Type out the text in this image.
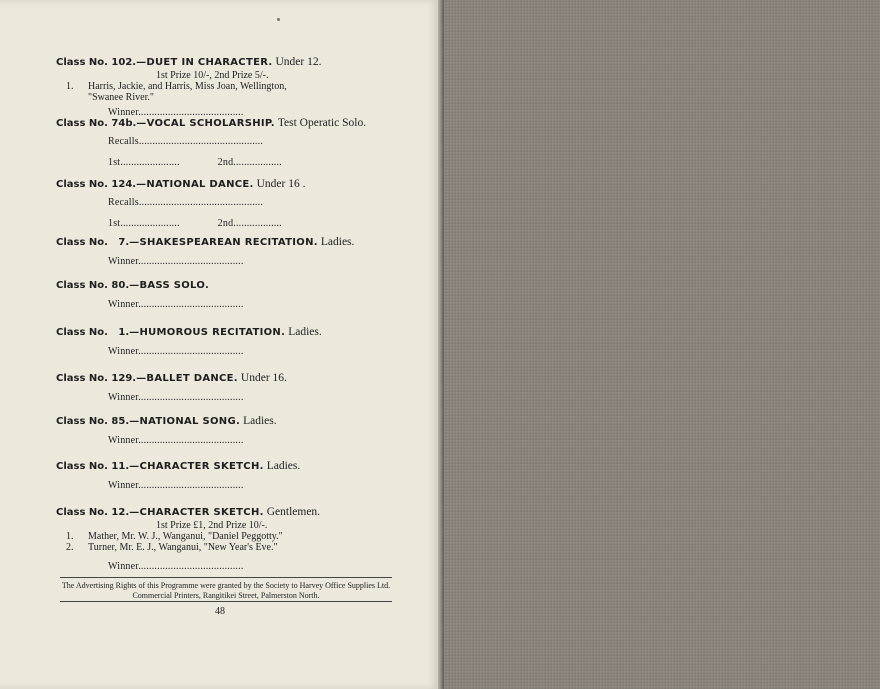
Class No. 102.—DUET IN CHARACTER. Under 12.
1st Prize 10/-, 2nd Prize 5/-.
1.	Harris, Jackie, and Harris, Miss Joan, Wellington,
"Swanee River."
Winner.......................................
Class No. 74b.—VOCAL SCHOLARSHIP. Test Operatic Solo.
Recalls..............................................
1st......................	2nd..................
Class No. 124.—NATIONAL DANCE. Under 16 .
Recalls..............................................
1st......................	2nd..................
Class No.   7.—SHAKESPEAREAN RECITATION. Ladies.
Winner.......................................
Class No. 80.—BASS SOLO.
Winner.......................................
Class No.   1.—HUMOROUS RECITATION. Ladies.
Winner.......................................
Class No. 129.—BALLET DANCE. Under 16.
Winner.......................................
Class No. 85.—NATIONAL SONG. Ladies.
Winner.......................................
Class No. 11.—CHARACTER SKETCH. Ladies.
Winner.......................................
Class No. 12.—CHARACTER SKETCH. Gentlemen.
1st Prize £1, 2nd Prize 10/-.
1.	Mather, Mr. W. J., Wanganui, "Daniel Peggotty."
2.	Turner, Mr. E. J., Wanganui, "New Year's Eve."
Winner.......................................
The Advertising Rights of this Programme were granted by the Society to Harvey Office Supplies Ltd.
Commercial Printers, Rangitikei Street, Palmerston North.
48
